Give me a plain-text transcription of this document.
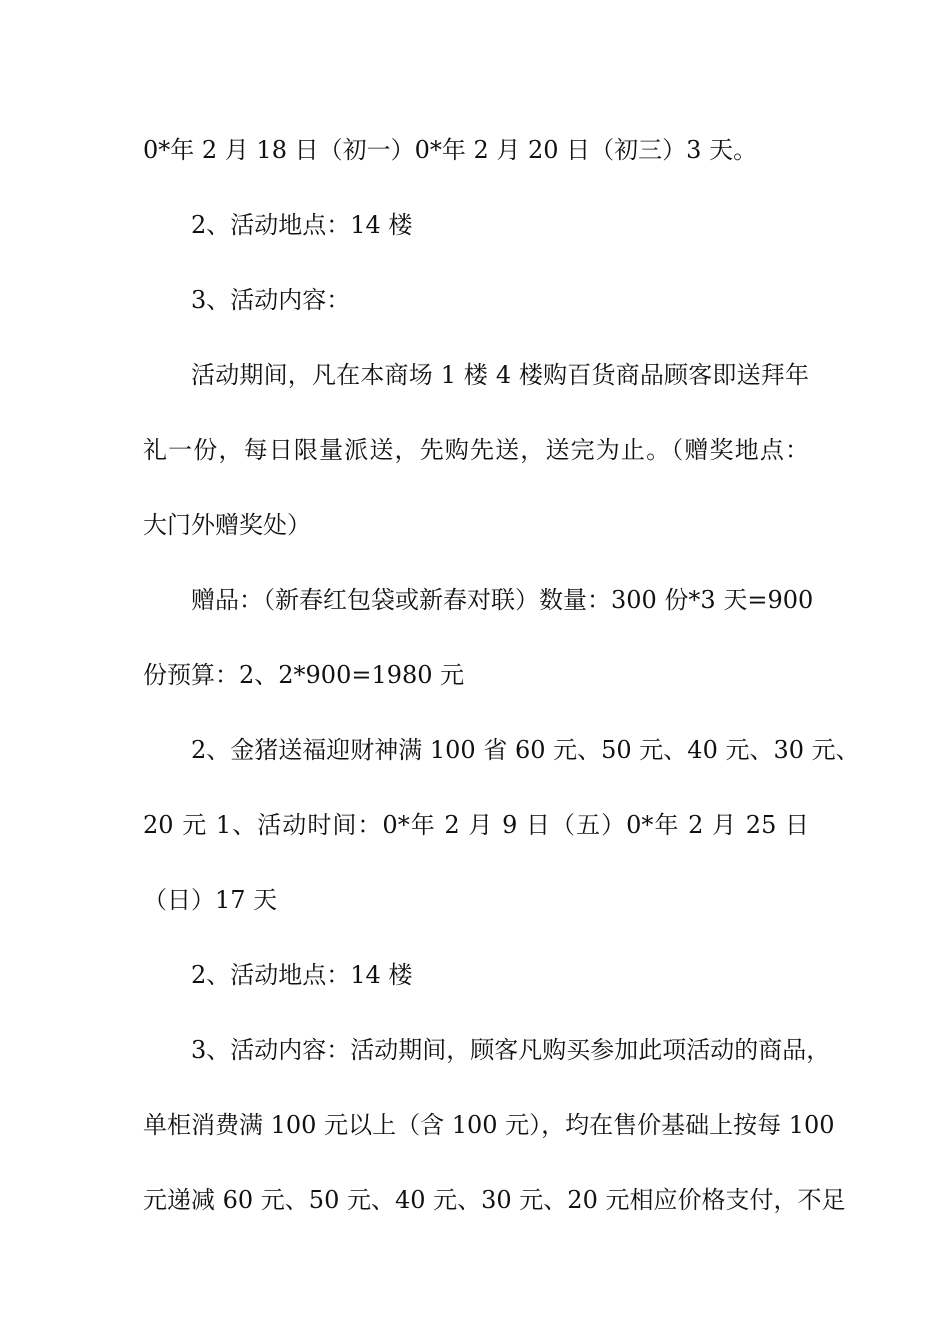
0*年 2 月 18 日（初一）0*年 2 月 20 日（初三）3 天。
2、活动地点：14 楼
3、活动内容：
活动期间，凡在本商场 1 楼 4 楼购百货商品顾客即送拜年
礼一份，每日限量派送，先购先送，送完为止。（赠奖地点：
大门外赠奖处）
赠品：（新春红包袋或新春对联）数量：300 份*3 天=900
份预算：2、2*900=1980 元
2、金猪送福迎财神满 100 省 60 元、50 元、40 元、30 元、
20 元 1、活动时间：0*年 2 月 9 日（五）0*年 2 月 25 日
（日）17 天
2、活动地点：14 楼
3、活动内容：活动期间，顾客凡购买参加此项活动的商品，
单柜消费满 100 元以上（含 100 元），均在售价基础上按每 100
元递减 60 元、50 元、40 元、30 元、20 元相应价格支付，不足
